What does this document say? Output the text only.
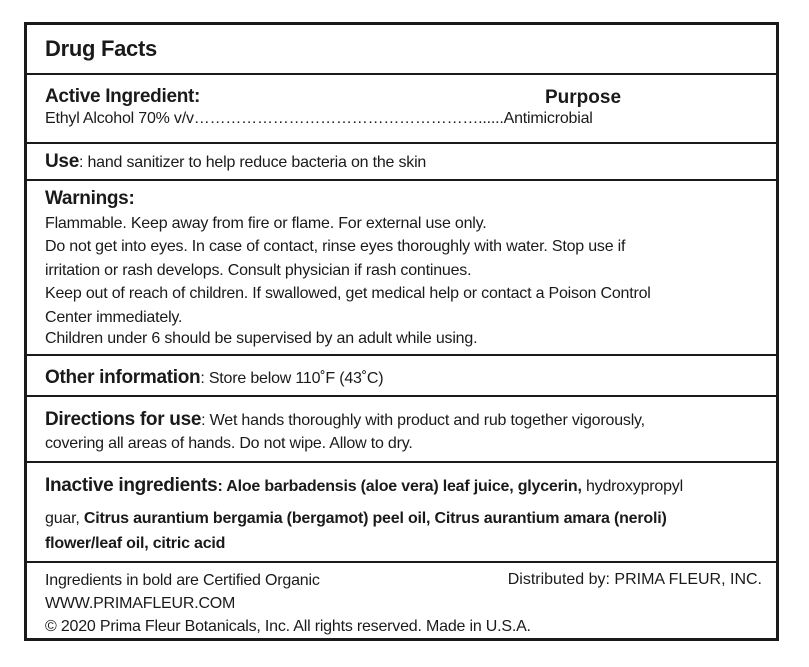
Drug Facts
Active Ingredient:	Purpose
Ethyl Alcohol 70% v/v………………………………………………......Antimicrobial
Use: hand sanitizer to help reduce bacteria on the skin
Warnings:
Flammable. Keep away from fire or flame. For external use only.
Do not get into eyes. In case of contact, rinse eyes thoroughly with water. Stop use if
irritation or rash develops. Consult physician if rash continues.
Keep out of reach of children. If swallowed, get medical help or contact a Poison Control
Center immediately.
Children under 6 should be supervised by an adult while using.
Other information: Store below 110˚F (43˚C)
Directions for use: Wet hands thoroughly with product and rub together vigorously,
covering all areas of hands. Do not wipe. Allow to dry.
Inactive ingredients: Aloe barbadensis (aloe vera) leaf juice, glycerin, hydroxypropyl
guar, Citrus aurantium bergamia (bergamot) peel oil, Citrus aurantium amara (neroli)
flower/leaf oil, citric acid
Ingredients in bold are Certified Organic	Distributed by: PRIMA FLEUR, INC.
WWW.PRIMAFLEUR.COM
© 2020 Prima Fleur Botanicals, Inc. All rights reserved. Made in U.S.A.
